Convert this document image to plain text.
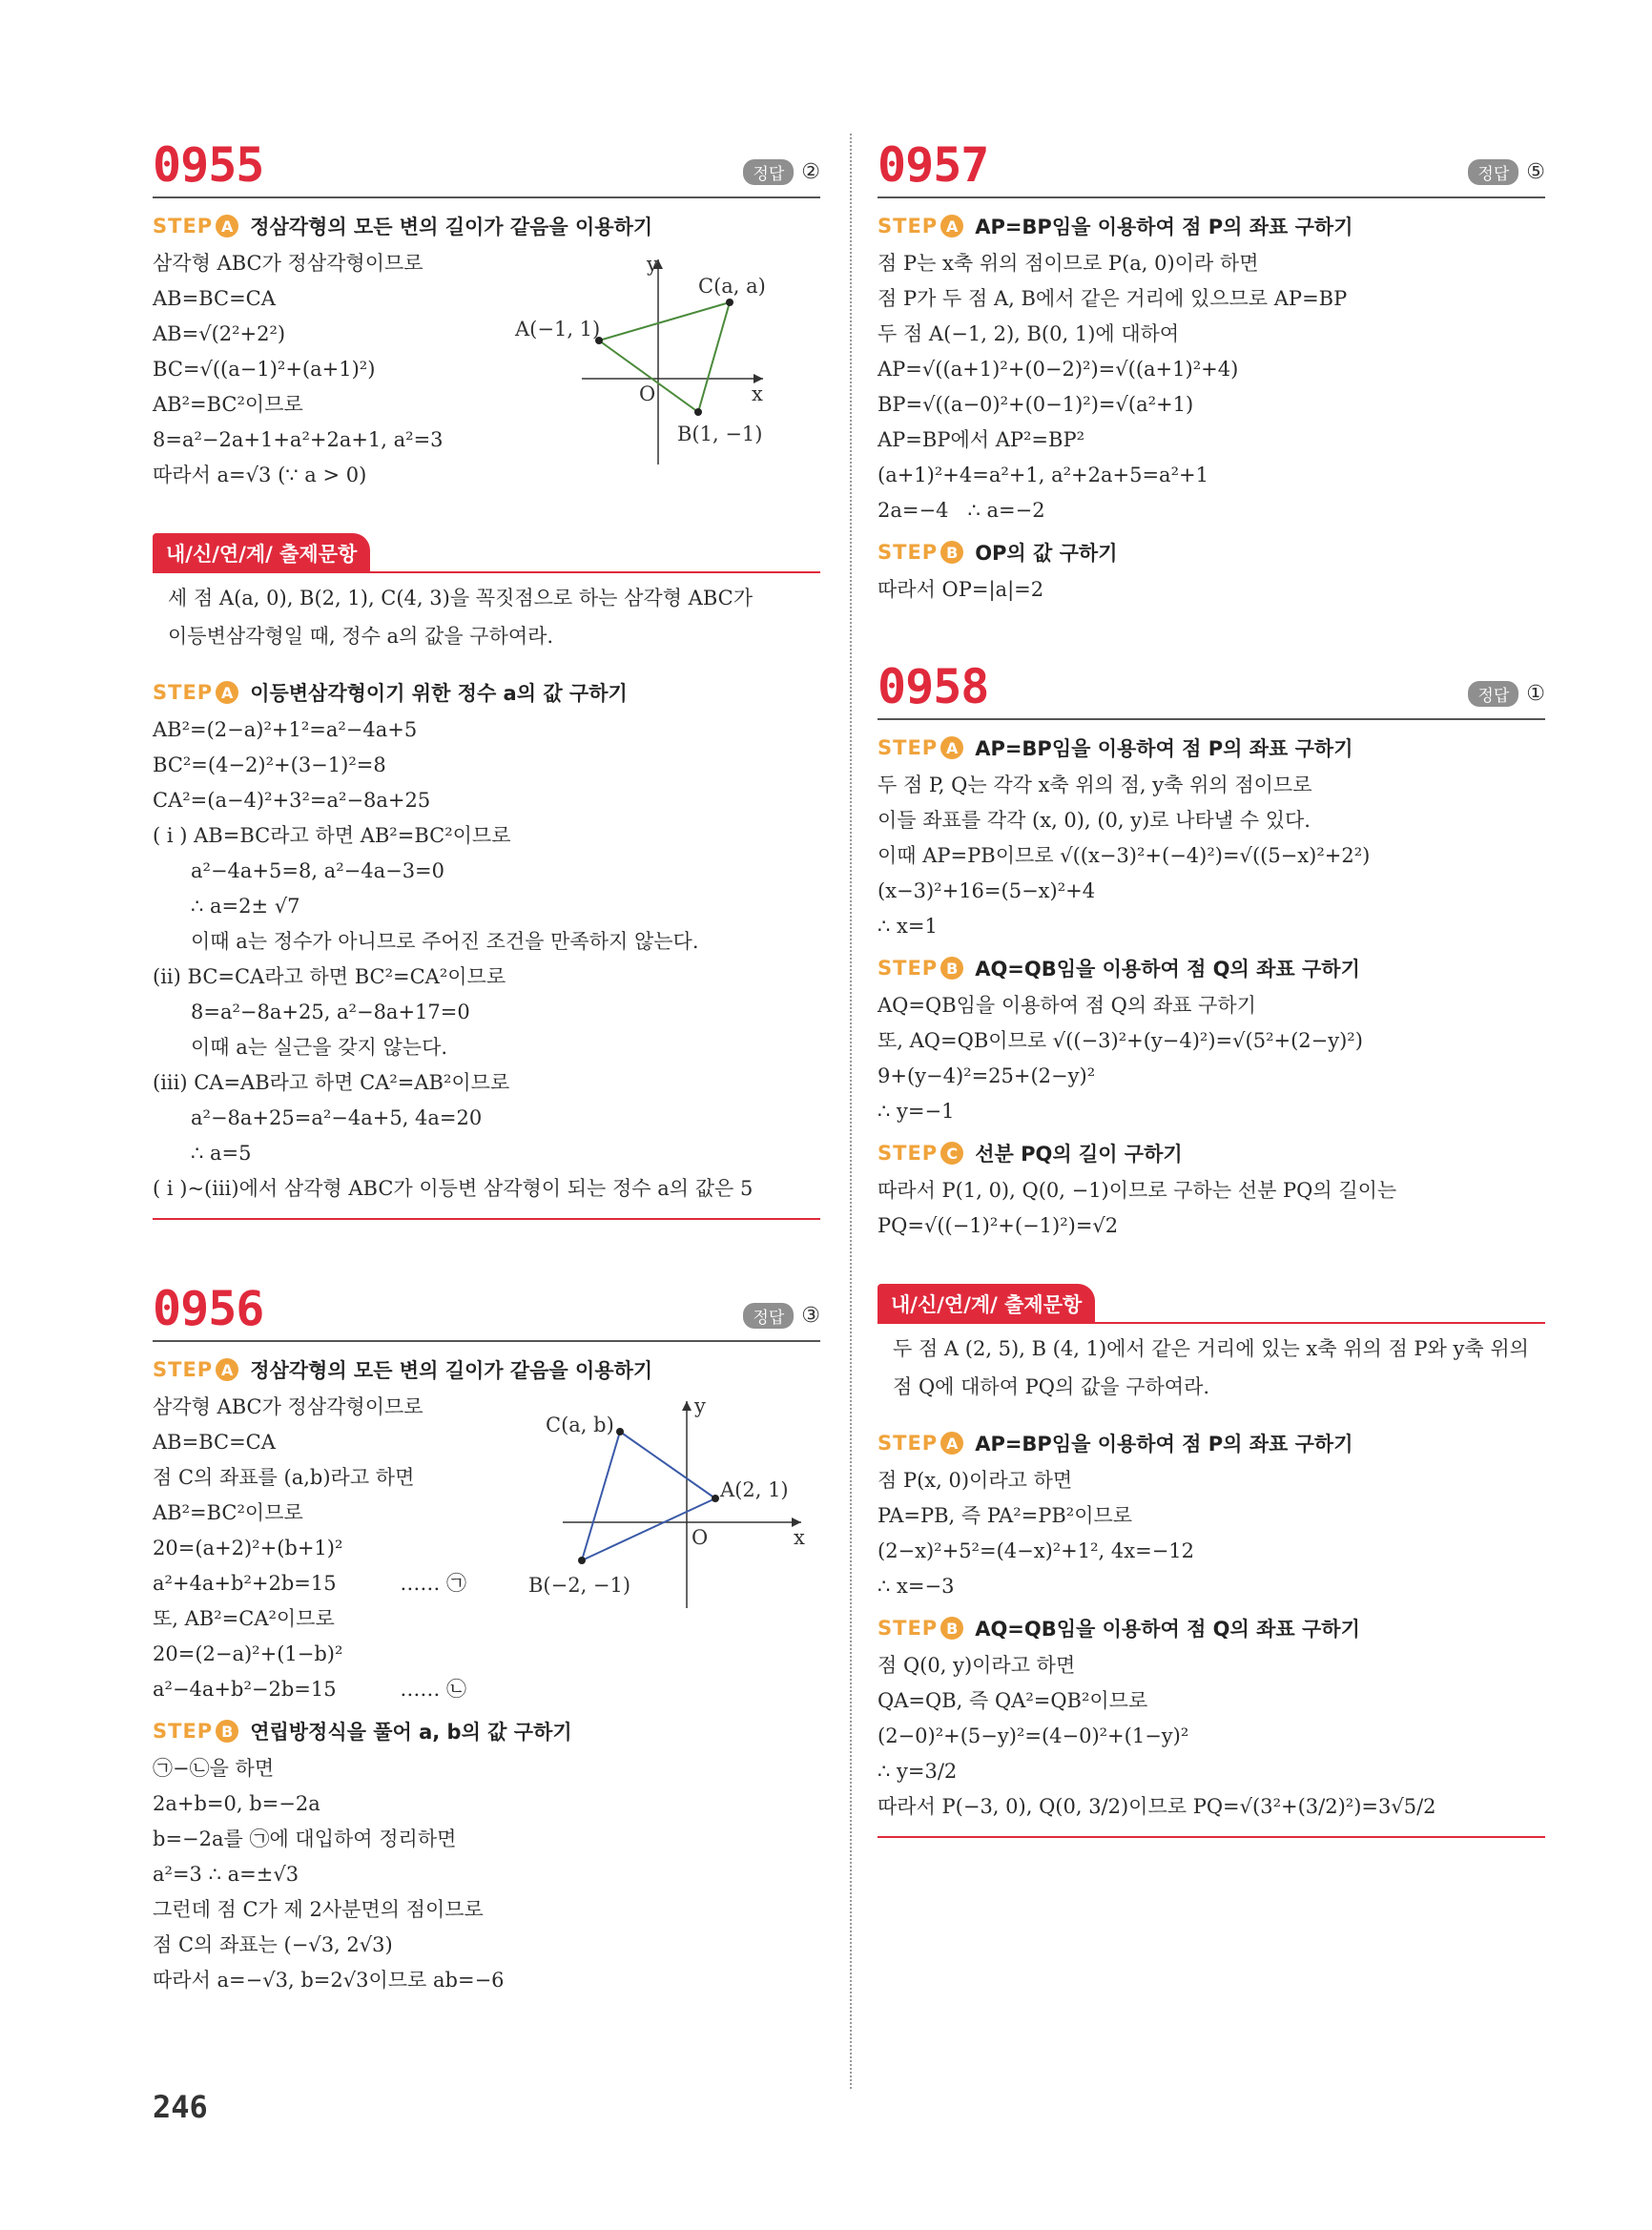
0955	정답 ②
STEP A 정삼각형의 모든 변의 길이가 같음을 이용하기
삼각형 ABC가 정삼각형이므로
AB=BC=CA
AB=√(2²+2²)
BC=√((a−1)²+(a+1)²)
AB²=BC²이므로
8=a²−2a+1+a²+2a+1, a²=3
따라서 a=√3 (∵ a > 0)
y
x
O
A(−1, 1)
C(a, a)
B(1, −1)
내/신/연/계/ 출제문항
세 점 A(a, 0), B(2, 1), C(4, 3)을 꼭짓점으로 하는 삼각형 ABC가
이등변삼각형일 때, 정수 a의 값을 구하여라.
STEP A 이등변삼각형이기 위한 정수 a의 값 구하기
AB²=(2−a)²+1²=a²−4a+5
BC²=(4−2)²+(3−1)²=8
CA²=(a−4)²+3²=a²−8a+25
( i ) AB=BC라고 하면 AB²=BC²이므로
a²−4a+5=8, a²−4a−3=0
∴ a=2± √7
이때 a는 정수가 아니므로 주어진 조건을 만족하지 않는다.
(ii) BC=CA라고 하면 BC²=CA²이므로
8=a²−8a+25, a²−8a+17=0
이때 a는 실근을 갖지 않는다.
(iii) CA=AB라고 하면 CA²=AB²이므로
a²−8a+25=a²−4a+5, 4a=20
∴ a=5
( i )~(iii)에서 삼각형 ABC가 이등변 삼각형이 되는 정수 a의 값은 5
0956	정답 ③
STEP A 정삼각형의 모든 변의 길이가 같음을 이용하기
삼각형 ABC가 정삼각형이므로
AB=BC=CA
점 C의 좌표를 (a,b)라고 하면
AB²=BC²이므로
20=(a+2)²+(b+1)²
a²+4a+b²+2b=15          …… ㉠
또, AB²=CA²이므로
20=(2−a)²+(1−b)²
a²−4a+b²−2b=15          …… ㉡
STEP B 연립방정식을 풀어 a, b의 값 구하기
㉠−㉡을 하면
2a+b=0, b=−2a
b=−2a를 ㉠에 대입하여 정리하면
a²=3 ∴ a=±√3
그런데 점 C가 제 2사분면의 점이므로
점 C의 좌표는 (−√3, 2√3)
따라서 a=−√3, b=2√3이므로 ab=−6
y
x
O
C(a, b)
A(2, 1)
B(−2, −1)
0957	정답 ⑤
STEP A AP=BP임을 이용하여 점 P의 좌표 구하기
점 P는 x축 위의 점이므로 P(a, 0)이라 하면
점 P가 두 점 A, B에서 같은 거리에 있으므로 AP=BP
두 점 A(−1, 2), B(0, 1)에 대하여
AP=√((a+1)²+(0−2)²)=√((a+1)²+4)
BP=√((a−0)²+(0−1)²)=√(a²+1)
AP=BP에서 AP²=BP²
(a+1)²+4=a²+1, a²+2a+5=a²+1
2a=−4   ∴ a=−2
STEP B OP의 값 구하기
따라서 OP=|a|=2
0958	정답 ①
STEP A AP=BP임을 이용하여 점 P의 좌표 구하기
두 점 P, Q는 각각 x축 위의 점, y축 위의 점이므로
이들 좌표를 각각 (x, 0), (0, y)로 나타낼 수 있다.
이때 AP=PB이므로 √((x−3)²+(−4)²)=√((5−x)²+2²)
(x−3)²+16=(5−x)²+4
∴ x=1
STEP B AQ=QB임을 이용하여 점 Q의 좌표 구하기
AQ=QB임을 이용하여 점 Q의 좌표 구하기
또, AQ=QB이므로 √((−3)²+(y−4)²)=√(5²+(2−y)²)
9+(y−4)²=25+(2−y)²
∴ y=−1
STEP C 선분 PQ의 길이 구하기
따라서 P(1, 0), Q(0, −1)이므로 구하는 선분 PQ의 길이는
PQ=√((−1)²+(−1)²)=√2
내/신/연/계/ 출제문항
두 점 A (2, 5), B (4, 1)에서 같은 거리에 있는 x축 위의 점 P와 y축 위의
점 Q에 대하여 PQ의 값을 구하여라.
STEP A AP=BP임을 이용하여 점 P의 좌표 구하기
점 P(x, 0)이라고 하면
PA=PB, 즉 PA²=PB²이므로
(2−x)²+5²=(4−x)²+1², 4x=−12
∴ x=−3
STEP B AQ=QB임을 이용하여 점 Q의 좌표 구하기
점 Q(0, y)이라고 하면
QA=QB, 즉 QA²=QB²이므로
(2−0)²+(5−y)²=(4−0)²+(1−y)²
∴ y=3/2
따라서 P(−3, 0), Q(0, 3/2)이므로 PQ=√(3²+(3/2)²)=3√5/2
246
